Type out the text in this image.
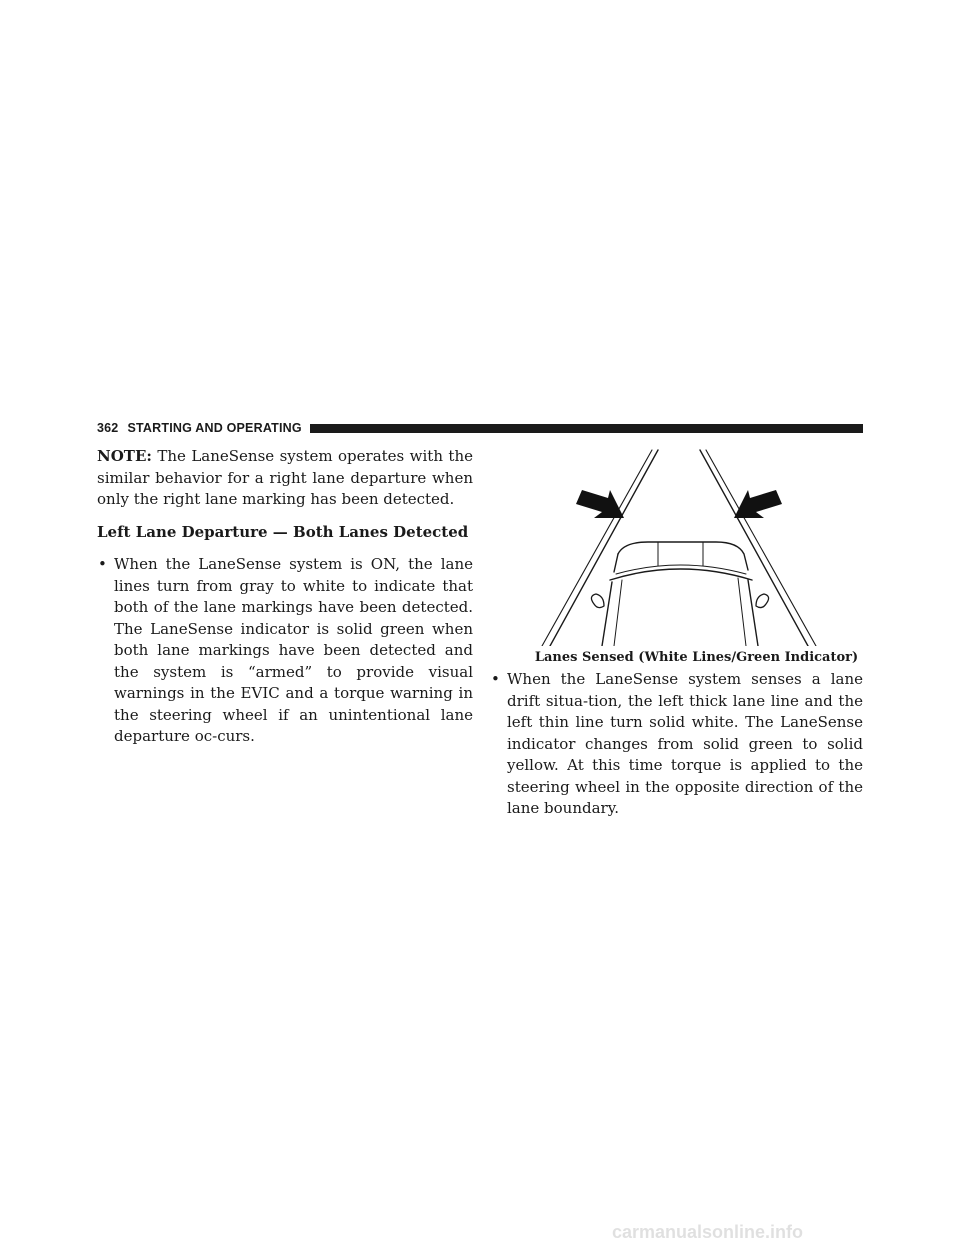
362 STARTING AND OPERATING

NOTE: The LaneSense system operates with the similar behavior for a right lane departure when only the right lane marking has been detected.

Left Lane Departure — Both Lanes Detected

• When the LaneSense system is ON, the lane lines turn from gray to white to indicate that both of the lane markings have been detected. The LaneSense indicator is solid green when both lane markings have been detected and the system is “armed” to provide visual warnings in the EVIC and a torque warning in the steering wheel if an unintentional lane departure oc-curs.

Lanes Sensed (White Lines/Green Indicator)

• When the LaneSense system senses a lane drift situa-tion, the left thick lane line and the left thin line turn solid white. The LaneSense indicator changes from solid green to solid yellow. At this time torque is applied to the steering wheel in the opposite direction of the lane boundary.
carmanualsonline.info
